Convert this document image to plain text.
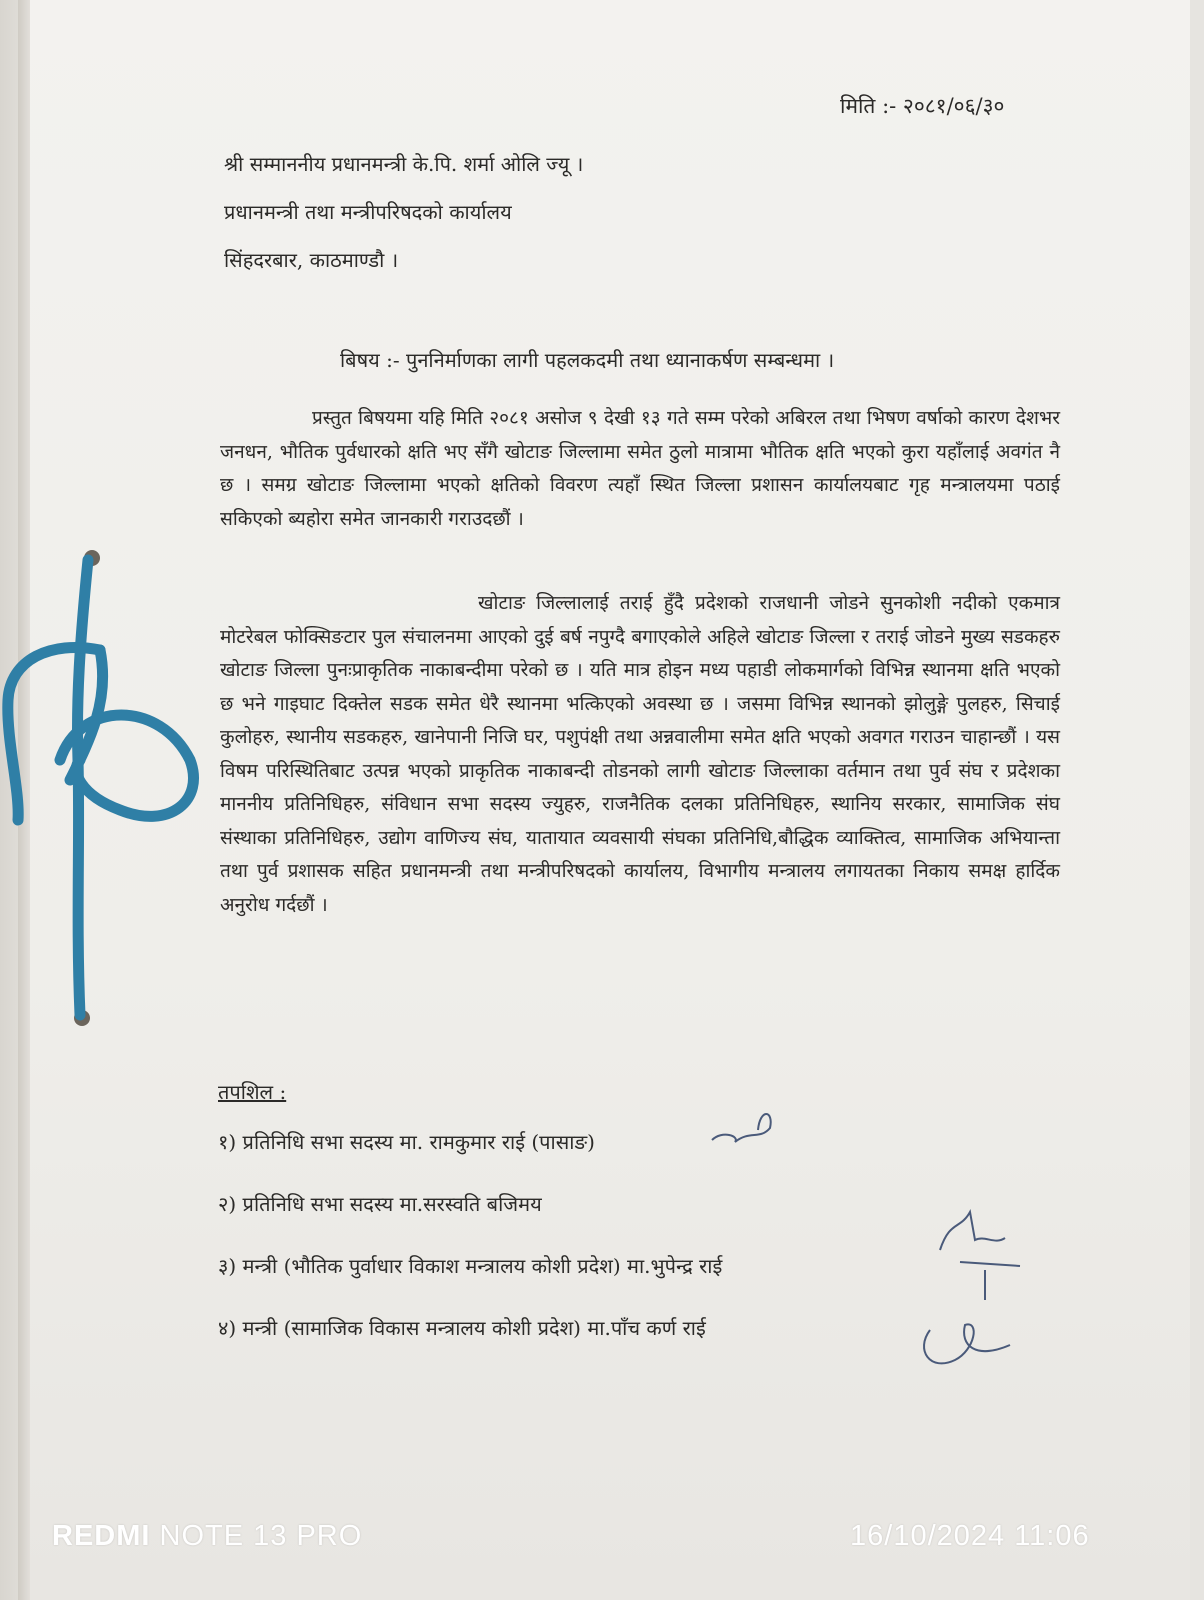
मिति :- २०८१/०६/३०
श्री सम्माननीय प्रधानमन्त्री के.पि. शर्मा ओलि ज्यू ।
प्रधानमन्त्री तथा मन्त्रीपरिषदको कार्यालय
सिंहदरबार, काठमाण्डौ ।
बिषय :- पुननिर्माणका लागी पहलकदमी तथा ध्यानाकर्षण सम्बन्धमा ।
प्रस्तुत बिषयमा यहि मिति २०८१ असोज ९ देखी १३ गते सम्म परेको अबिरल तथा भिषण वर्षाको कारण देशभर जनधन, भौतिक पुर्वधारको क्षति भए सँगै खोटाङ जिल्लामा समेत ठुलो मात्रामा भौतिक क्षति भएको कुरा यहाँलाई अवगंत नै छ । समग्र खोटाङ जिल्लामा भएको क्षतिको विवरण त्यहाँ स्थित जिल्ला प्रशासन कार्यालयबाट गृह मन्त्रालयमा पठाई सकिएको ब्यहोरा समेत जानकारी गराउदछौं ।
खोटाङ जिल्लालाई तराई हुँदै प्रदेशको राजधानी जोडने सुनकोशी नदीको एकमात्र मोटरेबल फोक्सिङटार पुल संचालनमा आएको दुई बर्ष नपुग्दै बगाएकोले अहिले खोटाङ जिल्ला र तराई जोडने मुख्य सडकहरु खोटाङ जिल्ला पुनःप्राकृतिक नाकाबन्दीमा परेको छ । यति मात्र होइन मध्य पहाडी लोकमार्गको विभिन्न स्थानमा क्षति भएको छ भने गाइघाट दिक्तेल सडक समेत धेरै स्थानमा भत्किएको अवस्था छ । जसमा विभिन्न स्थानको झोलुङ्गे पुलहरु, सिचाई कुलोहरु, स्थानीय सडकहरु, खानेपानी निजि घर, पशुपंक्षी तथा अन्नवालीमा समेत क्षति भएको अवगत गराउन चाहान्छौं । यस विषम परिस्थितिबाट उत्पन्न भएको प्राकृतिक नाकाबन्दी तोडनको लागी खोटाङ जिल्लाका वर्तमान तथा पुर्व संघ र प्रदेशका माननीय प्रतिनिधिहरु, संविधान सभा सदस्य ज्युहरु, राजनैतिक दलका प्रतिनिधिहरु, स्थानिय सरकार, सामाजिक संघ संस्थाका प्रतिनिधिहरु, उद्योग वाणिज्य संघ, यातायात व्यवसायी संघका प्रतिनिधि,बौद्धिक व्याक्तित्व, सामाजिक अभियान्ता तथा पुर्व प्रशासक सहित प्रधानमन्त्री तथा मन्त्रीपरिषदको कार्यालय, विभागीय मन्त्रालय लगायतका निकाय समक्ष हार्दिक अनुरोध गर्दछौं ।
तपशिल :
१) प्रतिनिधि सभा सदस्य मा. रामकुमार राई (पासाङ)
२) प्रतिनिधि सभा सदस्य मा.सरस्वति बजिमय
३) मन्त्री (भौतिक पुर्वाधार विकाश मन्त्रालय कोशी प्रदेश) मा.भुपेन्द्र राई
४) मन्त्री (सामाजिक विकास मन्त्रालय कोशी प्रदेश) मा.पाँच कर्ण राई
REDMI NOTE 13 PRO	16/10/2024 11:06
